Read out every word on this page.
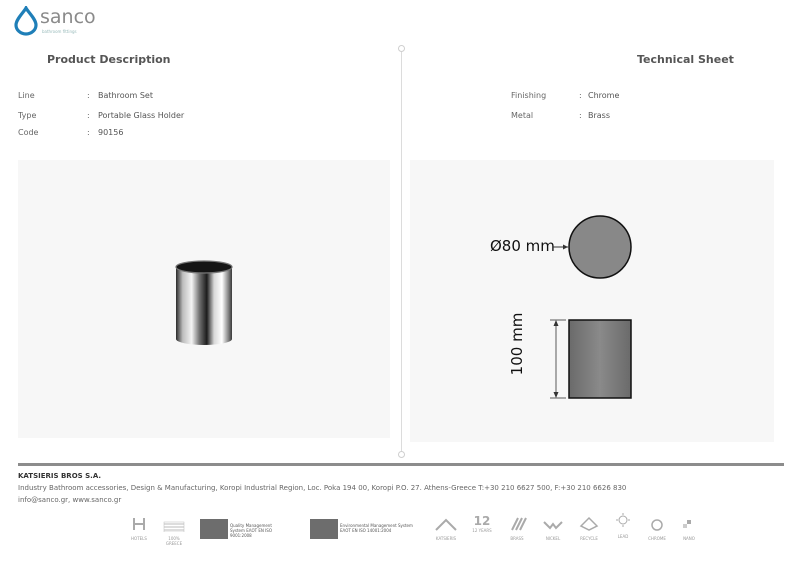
sanco
bathroom fittings
Product Description	Technical Sheet
Line	: Bathroom Set
Type	: Portable Glass Holder
Code	: 90156
Finishing	: Chrome
Metal	: Brass
Ø80 mm
100 mm
KATSIERIS BROS S.A.
Industry Bathroom accessories, Design & Manufacturing, Koropi Industrial Region, Loc. Poka 194 00, Koropi P.O. 27. Athens-Greece T:+30 210 6627 500, F:+30 210 6626 830
info@sanco.gr, www.sanco.gr
HOTELS	100% GREECE
Quality Management System ΕΛΟΤ EN ISO 9001:2008
Environmental Management System ΕΛΟΤ EN ISO 14001:2004
KATSIERIS
12
12 YEARS
BRASS	NICKEL	RECYCLE	LEAD	CHROME	NANO
